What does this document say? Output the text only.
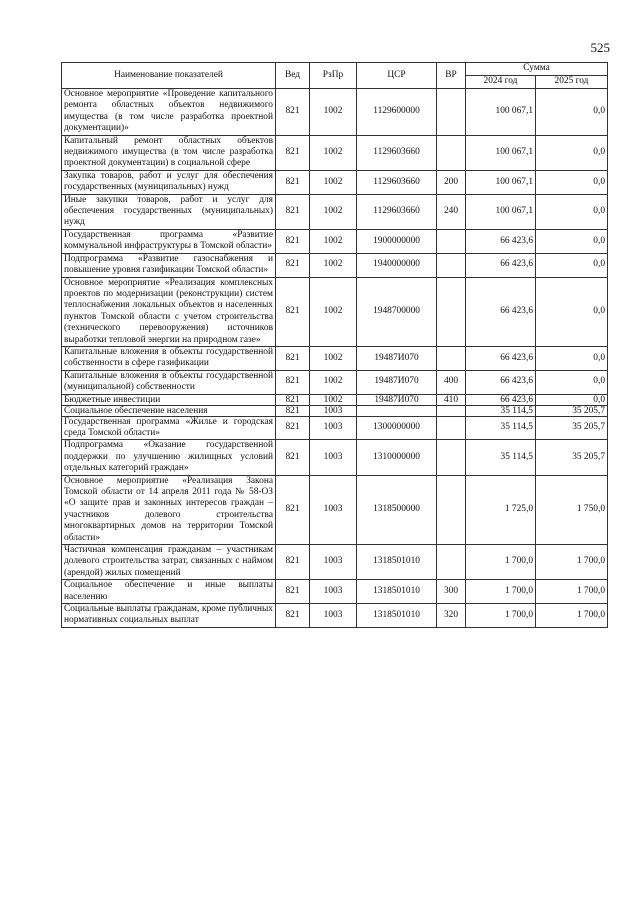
525
Наименование показателей	Вед	РзПр	ЦСР	ВР	Сумма	
					2024 год	2025 год
Основное мероприятие «Проведение капитального ремонта областных объектов недвижимого имущества (в том числе разработка проектной документации)»	821	1002	1129600000		100 067,1	0,0
Капитальный ремонт областных объектов недвижимого имущества (в том числе разработка проектной документации) в социальной сфере	821	1002	1129603660		100 067,1	0,0
Закупка товаров, работ и услуг для обеспечения государственных (муниципальных) нужд	821	1002	1129603660	200	100 067,1	0,0
Иные закупки товаров, работ и услуг для обеспечения государственных (муниципальных) нужд	821	1002	1129603660	240	100 067,1	0,0
Государственная программа «Развитие коммунальной инфраструктуры в Томской области»	821	1002	1900000000		66 423,6	0,0
Подпрограмма «Развитие газоснабжения и повышение уровня газификации Томской области»	821	1002	1940000000		66 423,6	0,0
Основное мероприятие «Реализация комплексных проектов по модернизации (реконструкции) систем теплоснабжения локальных объектов и населенных пунктов Томской области с учетом строительства (технического перевооружения) источников выработки тепловой энергии на природном газе»	821	1002	1948700000		66 423,6	0,0
Капитальные вложения в объекты государственной собственности в сфере газификации	821	1002	19487И070		66 423,6	0,0
Капитальные вложения в объекты государственной (муниципальной) собственности	821	1002	19487И070	400	66 423,6	0,0
Бюджетные инвестиции	821	1002	19487И070	410	66 423,6	0,0
Социальное обеспечение населения	821	1003			35 114,5	35 205,7
Государственная программа «Жилье и городская среда Томской области»	821	1003	1300000000		35 114,5	35 205,7
Подпрограмма «Оказание государственной поддержки по улучшению жилищных условий отдельных категорий граждан»	821	1003	1310000000		35 114,5	35 205,7
Основное мероприятие «Реализация Закона Томской области от 14 апреля 2011 года № 58-ОЗ «О защите прав и законных интересов граждан – участников долевого строительства многоквартирных домов на территории Томской области»	821	1003	1318500000		1 725,0	1 750,0
Частичная компенсация гражданам – участникам долевого строительства затрат, связанных с наймом (арендой) жилых помещений	821	1003	1318501010		1 700,0	1 700,0
Социальное обеспечение и иные выплаты населению	821	1003	1318501010	300	1 700,0	1 700,0
Социальные выплаты гражданам, кроме публичных нормативных социальных выплат	821	1003	1318501010	320	1 700,0	1 700,0
